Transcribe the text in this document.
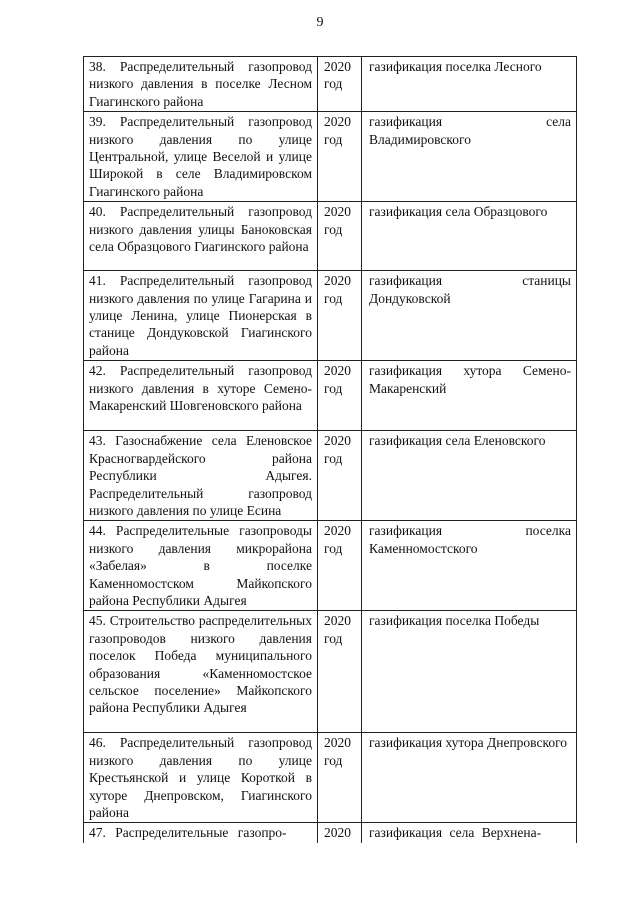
9
38. Распределительный газопровод низкого давления в поселке Лесном Гиагинского района	2020 год	газификация поселка Лесного
39. Распределительный газопровод низкого давления по улице Центральной, улице Веселой и улице Широкой в селе Владимировском Гиагинского района	2020 год	газификация села Владимировского
40. Распределительный газопровод низкого давления улицы Баноковская села Образцового Гиагинского района	2020 год	газификация села Образцового
41. Распределительный газопровод низкого давления по улице Гагарина и улице Ленина, улице Пионерская в станице Дондуковской Гиагинского района	2020 год	газификация станицы Дондуковской
42. Распределительный газопровод низкого давления в хуторе Семено-Макаренский Шовгеновского района	2020 год	газификация хутора Семено-Макаренский
43. Газоснабжение села Еленовское Красногвардейского района Республики Адыгея. Распределительный газопровод низкого давления по улице Есина	2020 год	газификация села Еленовского
44. Распределительные газопроводы низкого давления микрорайона «Забелая» в поселке Каменномостском Майкопского района Республики Адыгея	2020 год	газификация поселка Каменномостского
45. Строительство распределительных газопроводов низкого давления поселок Победа муниципального образования «Каменномостское сельское поселение» Майкопского района Республики Адыгея	2020 год	газификация поселка Победы
46. Распределительный газопровод низкого давления по улице Крестьянской и улице Короткой в хуторе Днепровском, Гиагинского района	2020 год	газификация хутора Днепровского
47. Распределительные газопро-	2020	газификация села Верхнена-
